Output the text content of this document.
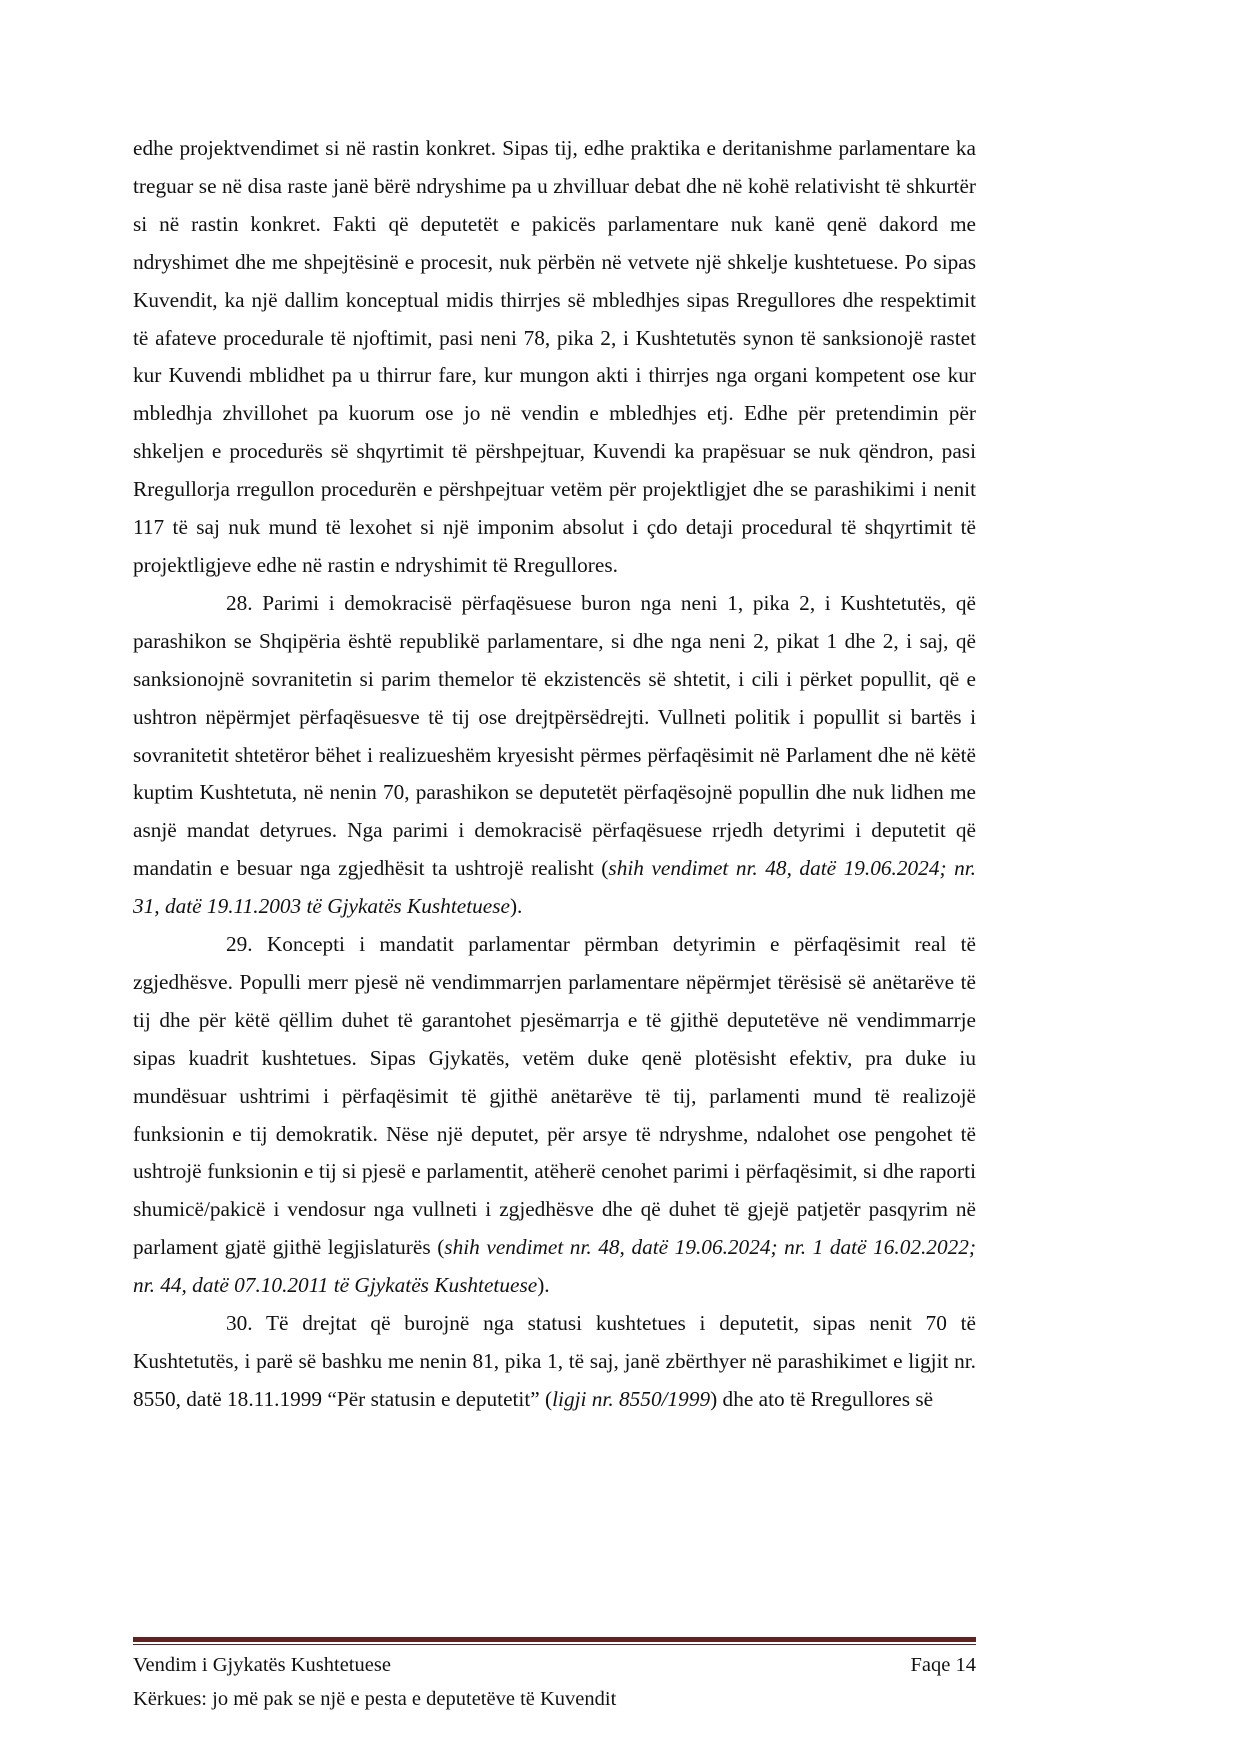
edhe projektvendimet si në rastin konkret. Sipas tij, edhe praktika e deritanishme parlamentare ka treguar se në disa raste janë bërë ndryshime pa u zhvilluar debat dhe në kohë relativisht të shkurtër si në rastin konkret. Fakti që deputetët e pakicës parlamentare nuk kanë qenë dakord me ndryshimet dhe me shpejtësinë e procesit, nuk përbën në vetvete një shkelje kushtetuese. Po sipas Kuvendit, ka një dallim konceptual midis thirrjes së mbledhjes sipas Rregullores dhe respektimit të afateve procedurale të njoftimit, pasi neni 78, pika 2, i Kushtetutës synon të sanksionojë rastet kur Kuvendi mblidhet pa u thirrur fare, kur mungon akti i thirrjes nga organi kompetent ose kur mbledhja zhvillohet pa kuorum ose jo në vendin e mbledhjes etj. Edhe për pretendimin për shkeljen e procedurës së shqyrtimit të përshpejtuar, Kuvendi ka prapësuar se nuk qëndron, pasi Rregullorja rregullon procedurën e përshpejtuar vetëm për projektligjet dhe se parashikimi i nenit 117 të saj nuk mund të lexohet si një imponim absolut i çdo detaji procedural të shqyrtimit të projektligjeve edhe në rastin e ndryshimit të Rregullores.

28. Parimi i demokracisë përfaqësuese buron nga neni 1, pika 2, i Kushtetutës, që parashikon se Shqipëria është republikë parlamentare, si dhe nga neni 2, pikat 1 dhe 2, i saj, që sanksionojnë sovranitetin si parim themelor të ekzistencës së shtetit, i cili i përket popullit, që e ushtron nëpërmjet përfaqësuesve të tij ose drejtpërsëdrejti. Vullneti politik i popullit si bartës i sovranitetit shtetëror bëhet i realizueshëm kryesisht përmes përfaqësimit në Parlament dhe në këtë kuptim Kushtetuta, në nenin 70, parashikon se deputetët përfaqësojnë popullin dhe nuk lidhen me asnjë mandat detyrues. Nga parimi i demokracisë përfaqësuese rrjedh detyrimi i deputetit që mandatin e besuar nga zgjedhësit ta ushtrojë realisht (shih vendimet nr. 48, datë 19.06.2024; nr. 31, datë 19.11.2003 të Gjykatës Kushtetuese).

29. Koncepti i mandatit parlamentar përmban detyrimin e përfaqësimit real të zgjedhësve. Populli merr pjesë në vendimmarrjen parlamentare nëpërmjet tërësisë së anëtarëve të tij dhe për këtë qëllim duhet të garantohet pjesëmarrja e të gjithë deputetëve në vendimmarrje sipas kuadrit kushtetues. Sipas Gjykatës, vetëm duke qenë plotësisht efektiv, pra duke iu mundësuar ushtrimi i përfaqësimit të gjithë anëtarëve të tij, parlamenti mund të realizojë funksionin e tij demokratik. Nëse një deputet, për arsye të ndryshme, ndalohet ose pengohet të ushtrojë funksionin e tij si pjesë e parlamentit, atëherë cenohet parimi i përfaqësimit, si dhe raporti shumicë/pakicë i vendosur nga vullneti i zgjedhësve dhe që duhet të gjejë patjetër pasqyrim në parlament gjatë gjithë legjislaturës (shih vendimet nr. 48, datë 19.06.2024; nr. 1 datë 16.02.2022; nr. 44, datë 07.10.2011 të Gjykatës Kushtetuese).

30. Të drejtat që burojnë nga statusi kushtetues i deputetit, sipas nenit 70 të Kushtetutës, i parë së bashku me nenin 81, pika 1, të saj, janë zbërthyer në parashikimet e ligjit nr. 8550, datë 18.11.1999 “Për statusin e deputetit” (ligji nr. 8550/1999) dhe ato të Rregullores së

Vendim i Gjykatës Kushtetuese	Faqe 14
Kërkues: jo më pak se një e pesta e deputetëve të Kuvendit
